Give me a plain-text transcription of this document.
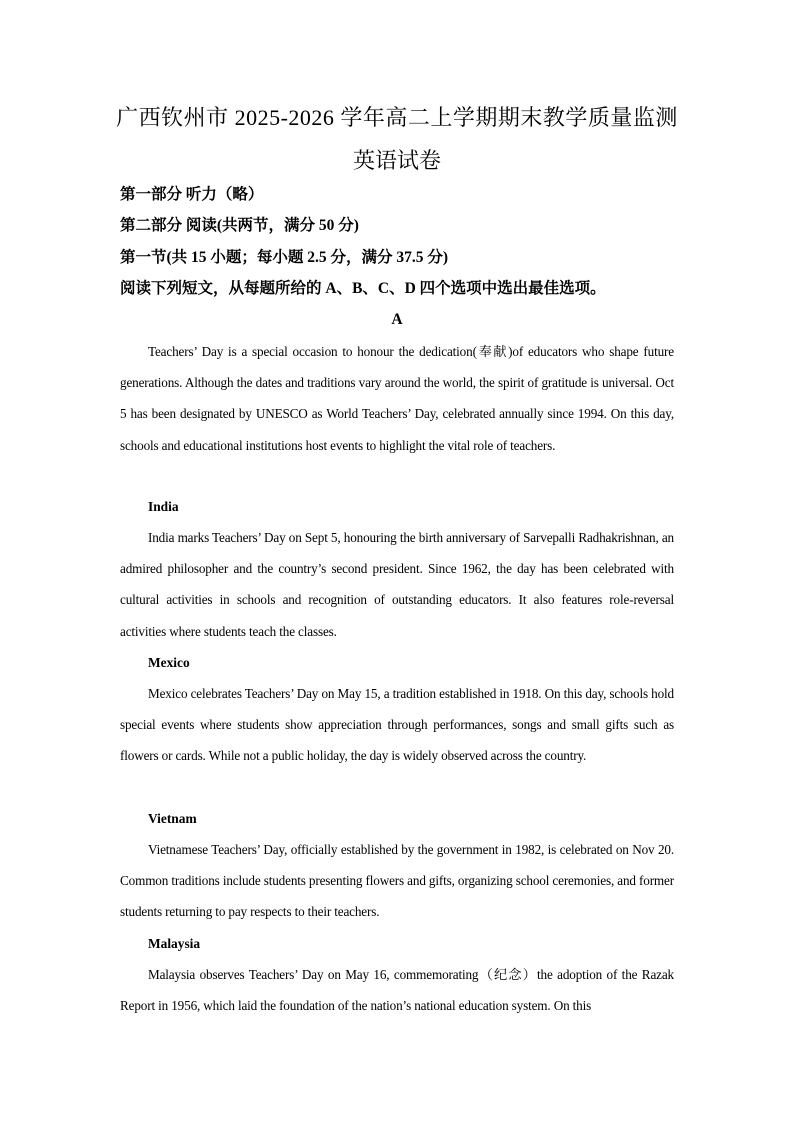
广西钦州市 2025-2026 学年高二上学期期末教学质量监测
英语试卷
第一部分 听力（略）
第二部分 阅读(共两节，满分 50 分)
第一节(共 15 小题；每小题 2.5 分，满分 37.5 分)
阅读下列短文，从每题所给的 A、B、C、D 四个选项中选出最佳选项。
A
Teachers’ Day is a special occasion to honour the dedication(奉献)of educators who shape future generations. Although the dates and traditions vary around the world, the spirit of gratitude is universal. Oct 5 has been designated by UNESCO as World Teachers’ Day, celebrated annually since 1994. On this day, schools and educational institutions host events to highlight the vital role of teachers.
India
India marks Teachers’ Day on Sept 5, honouring the birth anniversary of Sarvepalli Radhakrishnan, an admired philosopher and the country’s second president. Since 1962, the day has been celebrated with cultural activities in schools and recognition of outstanding educators. It also features role-reversal activities where students teach the classes.
Mexico
Mexico celebrates Teachers’ Day on May 15, a tradition established in 1918. On this day, schools hold special events where students show appreciation through performances, songs and small gifts such as flowers or cards. While not a public holiday, the day is widely observed across the country.
Vietnam
Vietnamese Teachers’ Day, officially established by the government in 1982, is celebrated on Nov 20. Common traditions include students presenting flowers and gifts, organizing school ceremonies, and former students returning to pay respects to their teachers.
Malaysia
Malaysia observes Teachers’ Day on May 16, commemorating（纪念）the adoption of the Razak Report in 1956, which laid the foundation of the nation’s national education system. On this
